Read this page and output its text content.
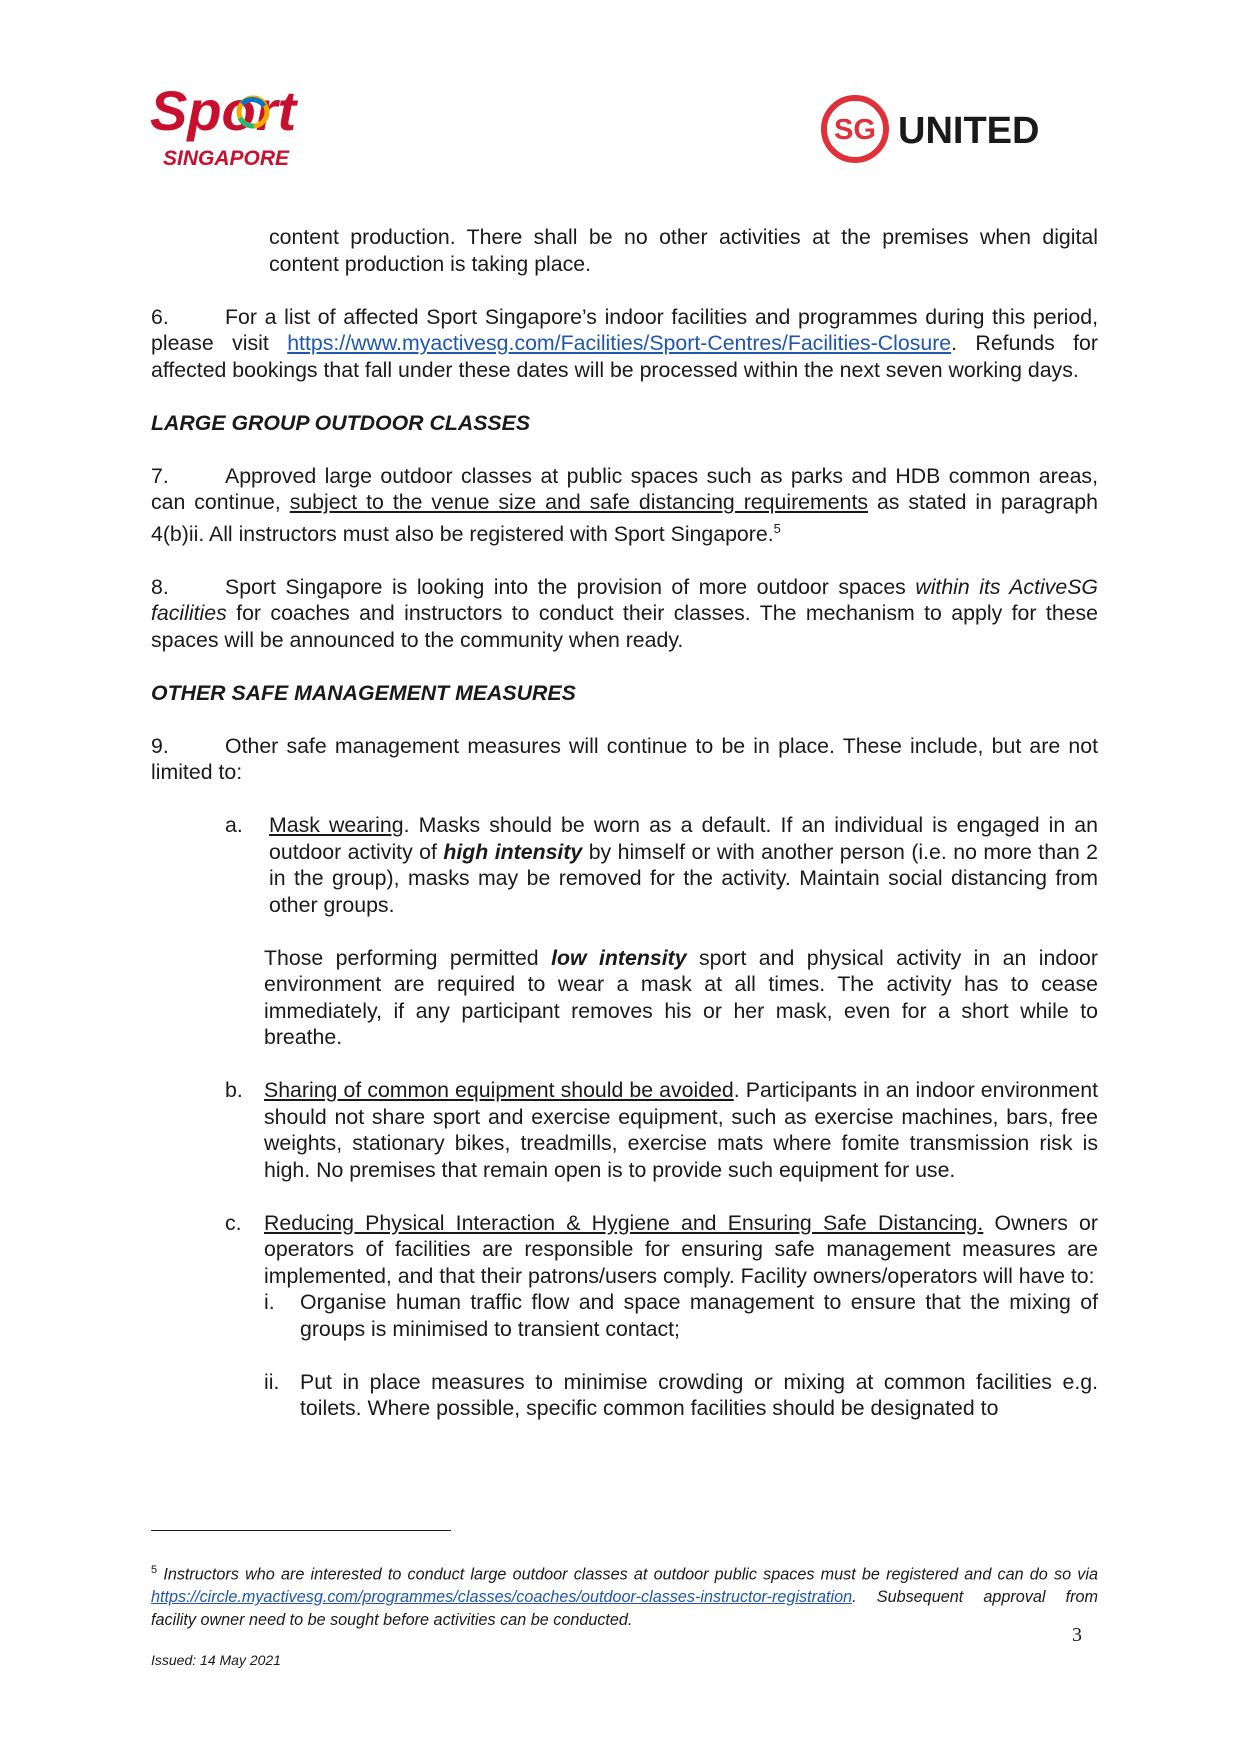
Sport
SINGAPORE
SG UNITED

content production. There shall be no other activities at the premises when digital content production is taking place.

6.	For a list of affected Sport Singapore’s indoor facilities and programmes during this period, please visit https://www.myactivesg.com/Facilities/Sport-Centres/Facilities-Closure. Refunds for affected bookings that fall under these dates will be processed within the next seven working days.

LARGE GROUP OUTDOOR CLASSES

7.	Approved large outdoor classes at public spaces such as parks and HDB common areas, can continue, subject to the venue size and safe distancing requirements as stated in paragraph 4(b)ii. All instructors must also be registered with Sport Singapore.$^5$

8.	Sport Singapore is looking into the provision of more outdoor spaces within its ActiveSG facilities for coaches and instructors to conduct their classes. The mechanism to apply for these spaces will be announced to the community when ready.

OTHER SAFE MANAGEMENT MEASURES

9.	Other safe management measures will continue to be in place. These include, but are not limited to:

a. Mask wearing. Masks should be worn as a default. If an individual is engaged in an outdoor activity of high intensity by himself or with another person (i.e. no more than 2 in the group), masks may be removed for the activity. Maintain social distancing from other groups.

Those performing permitted low intensity sport and physical activity in an indoor environment are required to wear a mask at all times. The activity has to cease immediately, if any participant removes his or her mask, even for a short while to breathe.

b. Sharing of common equipment should be avoided. Participants in an indoor environment should not share sport and exercise equipment, such as exercise machines, bars, free weights, stationary bikes, treadmills, exercise mats where fomite transmission risk is high. No premises that remain open is to provide such equipment for use.

c. Reducing Physical Interaction & Hygiene and Ensuring Safe Distancing. Owners or operators of facilities are responsible for ensuring safe management measures are implemented, and that their patrons/users comply. Facility owners/operators will have to:

i. Organise human traffic flow and space management to ensure that the mixing of groups is minimised to transient contact;

ii. Put in place measures to minimise crowding or mixing at common facilities e.g. toilets. Where possible, specific common facilities should be designated to

$^5$ Instructors who are interested to conduct large outdoor classes at outdoor public spaces must be registered and can do so via https://circle.myactivesg.com/programmes/classes/coaches/outdoor-classes-instructor-registration. Subsequent approval from facility owner need to be sought before activities can be conducted.

3
Issued: 14 May 2021
